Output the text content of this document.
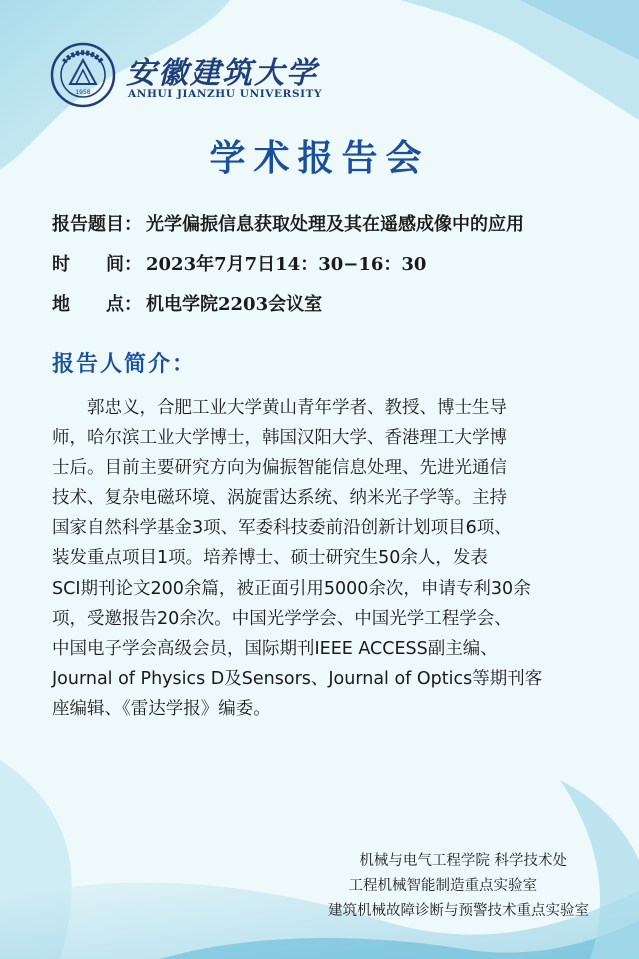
1958
安徽建筑大学
ANHUI JIANZHU UNIVERSITY
学术报告会
报告题目： 光学偏振信息获取处理及其在遥感成像中的应用
时　　间： 2023年7月7日14：30−16：30
地　　点： 机电学院2203会议室
报告人简介：
郭忠义，合肥工业大学黄山青年学者、教授、博士生导
师，哈尔滨工业大学博士，韩国汉阳大学、香港理工大学博
士后。目前主要研究方向为偏振智能信息处理、先进光通信
技术、复杂电磁环境、涡旋雷达系统、纳米光子学等。主持
国家自然科学基金3项、军委科技委前沿创新计划项目6项、
装发重点项目1项。培养博士、硕士研究生50余人，发表
SCI期刊论文200余篇，被正面引用5000余次，申请专利30余
项，受邀报告20余次。中国光学学会、中国光学工程学会、
中国电子学会高级会员，国际期刊IEEE ACCESS副主编、
Journal of Physics D及Sensors、Journal of Optics等期刊客
座编辑、《雷达学报》编委。
机械与电气工程学院 科学技术处
工程机械智能制造重点实验室
建筑机械故障诊断与预警技术重点实验室
